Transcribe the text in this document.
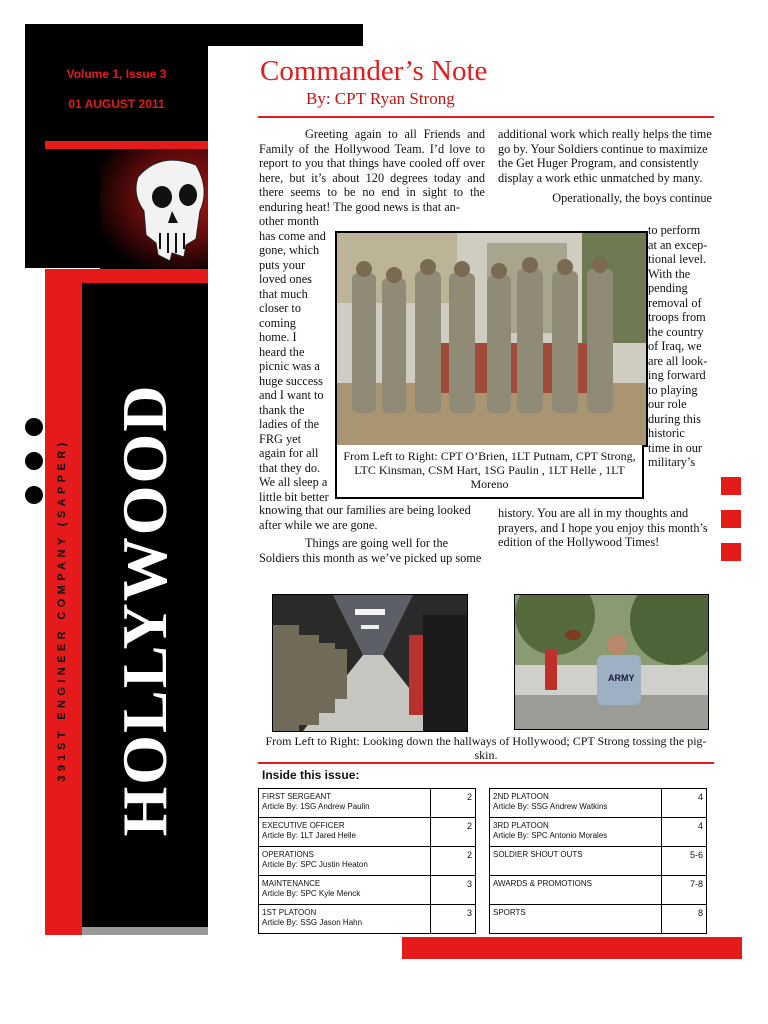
Volume 1, Issue 3
01 AUGUST 2011
HOLLYWOOD
391ST ENGINEER COMPANY (SAPPER)
Commander’s Note
By: CPT Ryan Strong

Greeting again to all Friends and Family of the Hollywood Team. I’d love to report to you that things have cooled off over here, but it’s about 120 degrees today and there seems to be no end in sight to the enduring heat! The good news is that an-

other month
has come and
gone, which
puts your
loved ones
that much
closer to
coming
home. I
heard the
picnic was a
huge success
and I want to
thank the
ladies of the
FRG yet
again for all
that they do.
We all sleep a
little bit better

knowing that our families are being looked after while we are gone.

Things are going well for the Soldiers this month as we’ve picked up some

additional work which really helps the time go by. Your Soldiers continue to maximize the Get Huger Program, and consistently display a work ethic unmatched by many.

Operationally, the boys continue

to perform
at an excep-
tional level.
With the
pending
removal of
troops from
the country
of Iraq, we
are all look-
ing forward
to playing
our role
during this
historic
time in our
military’s

history. You are all in my thoughts and prayers, and I hope you enjoy this month’s edition of the Hollywood Times!

From Left to Right: CPT O’Brien, 1LT Putnam, CPT Strong, LTC Kinsman, CSM Hart, 1SG Paulin , 1LT Helle , 1LT Moreno
ARMY
From Left to Right: Looking down the hallways of Hollywood; CPT Strong tossing the pig-skin.
Inside this issue:
FIRST SERGEANT
Article By: 1SG Andrew Paulin	2

EXECUTIVE OFFICER
Article By: 1LT Jared Helle	2

OPERATIONS
Article By: SPC Justin Heaton	2

MAINTENANCE
Article By: SPC Kyle Menck	3

1ST PLATOON
Article By: SSG Jason Hahn	3
2ND PLATOON
Article By: SSG Andrew Watkins	4

3RD PLATOON
Article By: SPC Antonio Morales	4

SOLDIER SHOUT OUTS	5-6

AWARDS & PROMOTIONS	7-8

SPORTS	8
